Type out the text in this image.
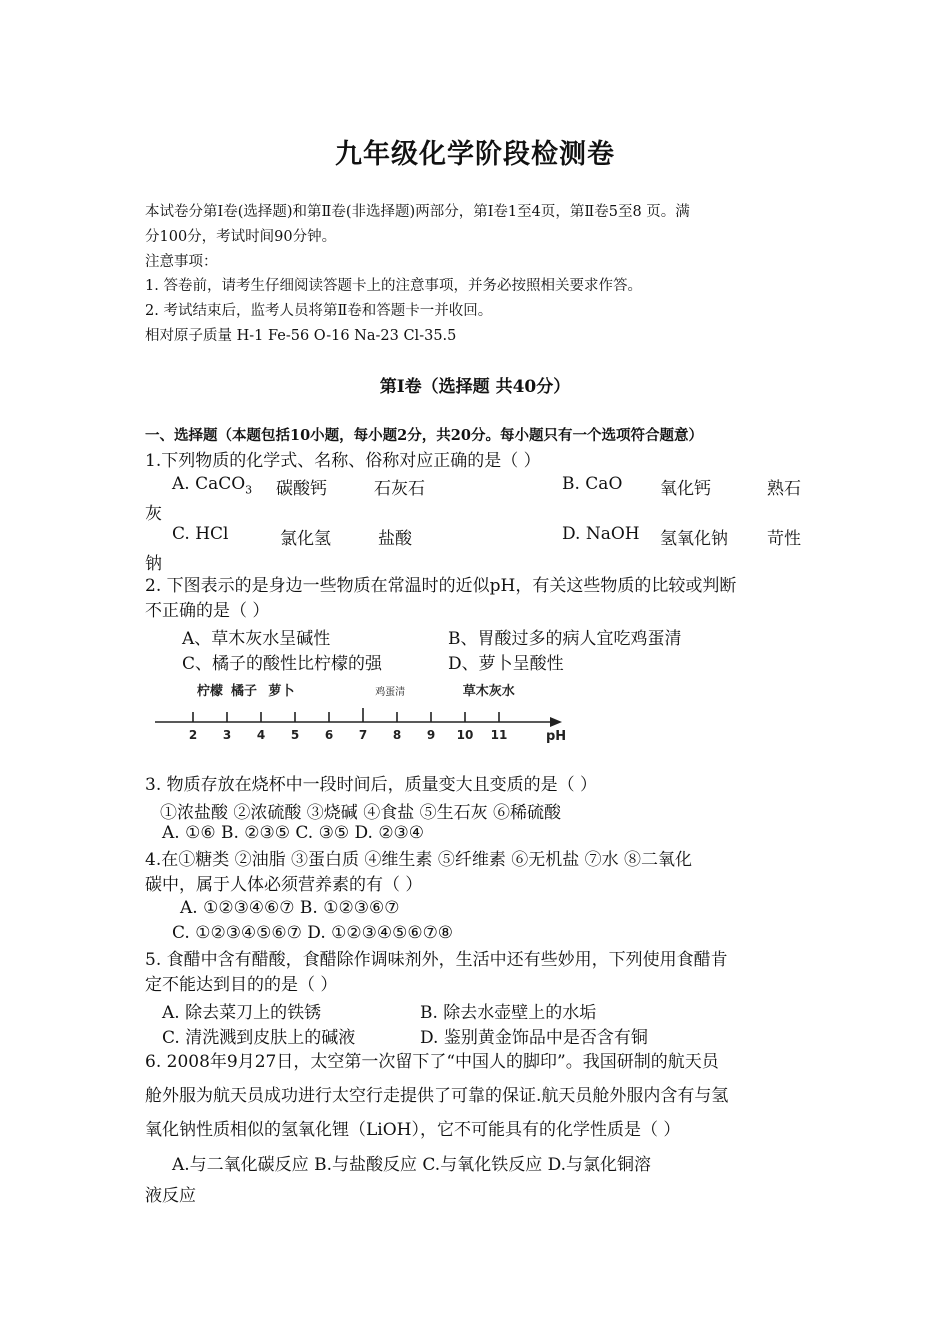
九年级化学阶段检测卷
本试卷分第Ⅰ卷(选择题)和第Ⅱ卷(非选择题)两部分，第Ⅰ卷1至4页，第Ⅱ卷5至8 页。满
分100分，考试时间90分钟。
注意事项：
1. 答卷前，请考生仔细阅读答题卡上的注意事项，并务必按照相关要求作答。
2. 考试结束后，监考人员将第Ⅱ卷和答题卡一并收回。
相对原子质量 H-1 Fe-56 O-16 Na-23 Cl-35.5
第Ⅰ卷（选择题 共40分）
一、选择题（本题包括10小题，每小题2分，共20分。每小题只有一个选项符合题意）
1.下列物质的化学式、名称、俗称对应正确的是（ ）
A. CaCO$_3$ 碳酸钙	石灰石	B. CaO 氧化钙	熟石
灰
C. HCl	氯化氢	盐酸	D. NaOH 氢氧化钠 苛性
钠
2. 下图表示的是身边一些物质在常温时的近似pH，有关这些物质的比较或判断
不正确的是（ ）
A、草木灰水呈碱性	B、胃酸过多的病人宜吃鸡蛋清
C、橘子的酸性比柠檬的强	D、萝卜呈酸性
2 3 4 5 6 7 8 9 10 11	pH
柠檬 橘子 萝卜	鸡蛋清	草木灰水
3. 物质存放在烧杯中一段时间后，质量变大且变质的是（ ）
①浓盐酸 ②浓硫酸 ③烧碱 ④食盐 ⑤生石灰 ⑥稀硫酸
A. ①⑥ B. ②③⑤ C. ③⑤ D. ②③④
4.在①糖类 ②油脂 ③蛋白质 ④维生素 ⑤纤维素 ⑥无机盐 ⑦水 ⑧二氧化
碳中，属于人体必须营养素的有（ ）
A. ①②③④⑥⑦ B. ①②③⑥⑦
C. ①②③④⑤⑥⑦ D. ①②③④⑤⑥⑦⑧
5. 食醋中含有醋酸，食醋除作调味剂外，生活中还有些妙用，下列使用食醋肯
定不能达到目的的是（ ）
A. 除去菜刀上的铁锈	B. 除去水壶壁上的水垢
C. 清洗溅到皮肤上的碱液	D. 鉴别黄金饰品中是否含有铜
6. 2008年9月27日，太空第一次留下了“中国人的脚印”。我国研制的航天员
舱外服为航天员成功进行太空行走提供了可靠的保证.航天员舱外服内含有与氢
氧化钠性质相似的氢氧化锂（LiOH），它不可能具有的化学性质是（ ）
A.与二氧化碳反应 B.与盐酸反应 C.与氧化铁反应 D.与氯化铜溶
液反应
